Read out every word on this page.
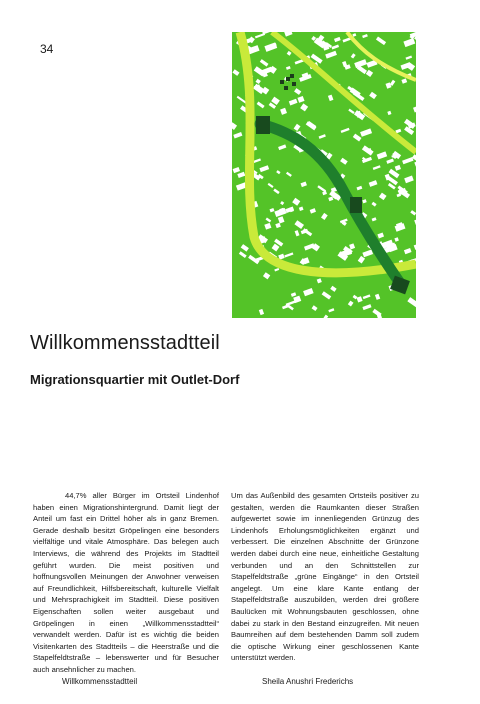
34
Willkommensstadtteil
Migrationsquartier mit Outlet-Dorf

44,7% aller Bürger im Ortsteil Lindenhof haben einen Migrationshintergrund. Damit liegt der Anteil um fast ein Drittel höher als in ganz Bremen. Gerade deshalb besitzt Gröpelingen eine besonders vielfältige und vitale Atmosphäre. Das belegen auch Interviews, die während des Projekts im Stadtteil geführt wurden. Die meist positiven und hoffnungsvollen Meinungen der Anwohner verweisen auf Freundlichkeit, Hilfsbereitschaft, kulturelle Vielfalt und Mehrsprachigkeit im Stadtteil. Diese positiven Eigenschaften sollen weiter ausgebaut und Gröpelingen in einen „Willkommensstadtteil“ verwandelt werden. Dafür ist es wichtig die beiden Visitenkarten des Stadtteils – die Heerstraße und die Stapelfeldtstraße – lebenswerter und für Besucher auch ansehnlicher zu machen.

Um das Außenbild des gesamten Ortsteils positiver zu gestalten, werden die Raumkanten dieser Straßen aufgewertet sowie im innenliegenden Grünzug des Lindenhofs Erholungsmöglichkeiten ergänzt und verbessert. Die einzelnen Abschnitte der Grünzone werden dabei durch eine neue, einheitliche Gestaltung verbunden und an den Schnittstellen zur Stapelfeldtstraße „grüne Eingänge“ in den Ortsteil angelegt. Um eine klare Kante entlang der Stapelfeldtstraße auszubilden, werden drei größere Baulücken mit Wohnungsbauten geschlossen, ohne dabei zu stark in den Bestand einzugreifen. Mit neuen Baumreihen auf dem bestehenden Damm soll zudem die optische Wirkung einer geschlossenen Kante unterstützt werden.

Willkommensstadtteil	Sheila Anushri Frederichs
